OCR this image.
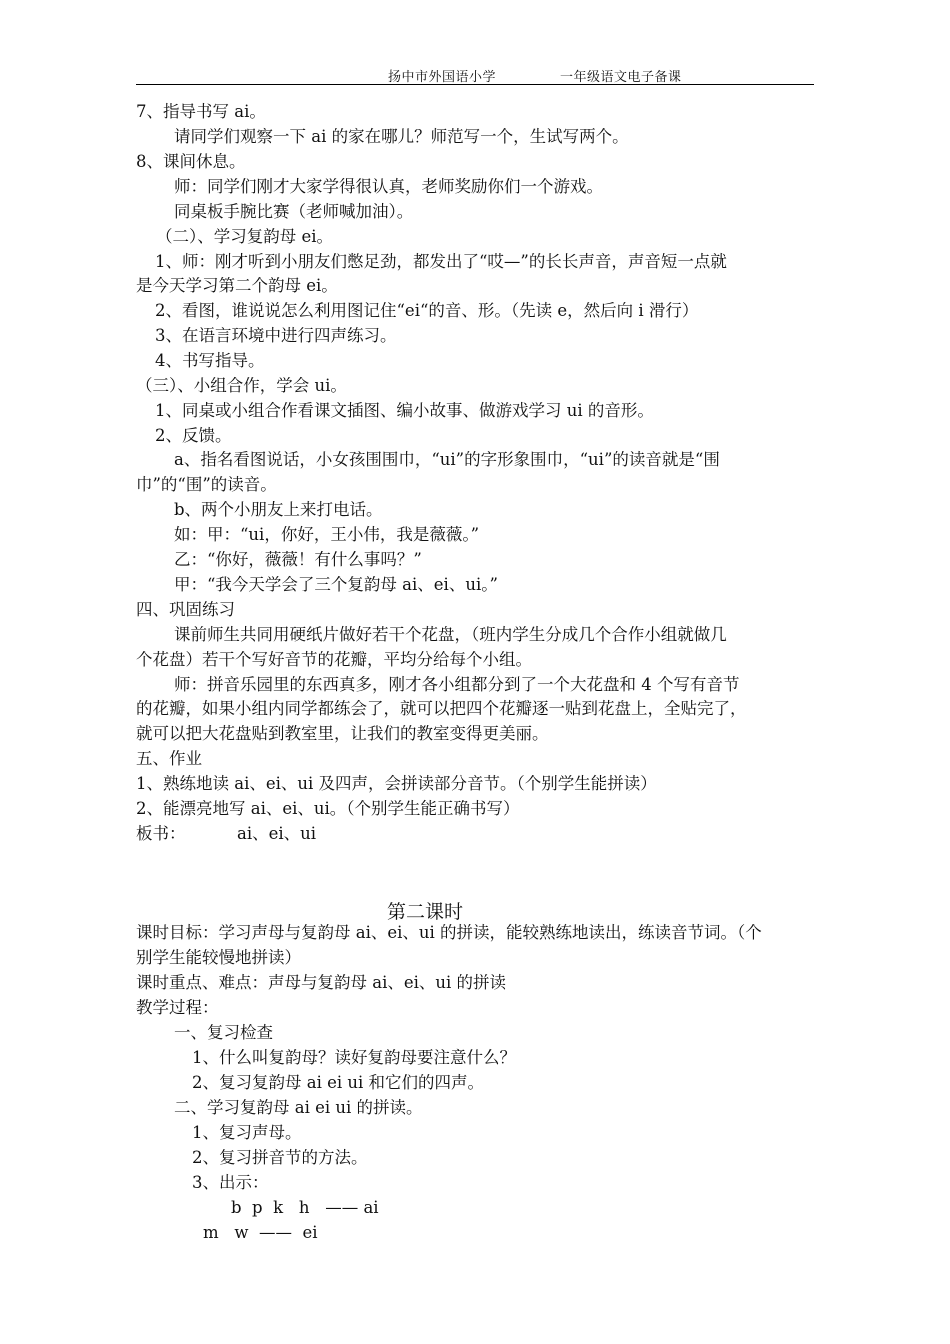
扬中市外国语小学	一年级语文电子备课
7、指导书写 ai。
请同学们观察一下 ai 的家在哪儿？师范写一个，生试写两个。
8、课间休息。
师：同学们刚才大家学得很认真，老师奖励你们一个游戏。
同桌板手腕比赛（老师喊加油）。
（二）、学习复韵母 ei。
1、师：刚才听到小朋友们憋足劲，都发出了“哎—”的长长声音，声音短一点就
是今天学习第二个韵母 ei。
2、看图，谁说说怎么利用图记住“ei“的音、形。（先读 e，然后向 i 滑行）
3、在语言环境中进行四声练习。
4、书写指导。
（三）、小组合作，学会 ui。
1、同桌或小组合作看课文插图、编小故事、做游戏学习 ui 的音形。
2、反馈。
a、指名看图说话，小女孩围围巾，“ui”的字形象围巾，“ui”的读音就是“围
巾”的“围”的读音。
b、两个小朋友上来打电话。
如：甲：“ui，你好，王小伟，我是薇薇。”
乙：“你好，薇薇！有什么事吗？”
甲：“我今天学会了三个复韵母 ai、ei、ui。”
四、巩固练习
课前师生共同用硬纸片做好若干个花盘，（班内学生分成几个合作小组就做几
个花盘）若干个写好音节的花瓣，平均分给每个小组。
师：拼音乐园里的东西真多，刚才各小组都分到了一个大花盘和 4 个写有音节
的花瓣，如果小组内同学都练会了，就可以把四个花瓣逐一贴到花盘上，全贴完了，
就可以把大花盘贴到教室里，让我们的教室变得更美丽。
五、作业
1、熟练地读 ai、ei、ui 及四声，会拼读部分音节。（个别学生能拼读）
2、能漂亮地写 ai、ei、ui。（个别学生能正确书写）
板书：	ai、ei、ui
第二课时
课时目标：学习声母与复韵母 ai、ei、ui 的拼读，能较熟练地读出，练读音节词。（个
别学生能较慢地拼读）
课时重点、难点：声母与复韵母 ai、ei、ui 的拼读
教学过程：
一、复习检查
1、什么叫复韵母？读好复韵母要注意什么？
2、复习复韵母 ai ei ui 和它们的四声。
二、学习复韵母 ai ei ui 的拼读。
1、复习声母。
2、复习拼音节的方法。
3、出示：
b  p  k   h   —— ai
m   w  ——  ei
